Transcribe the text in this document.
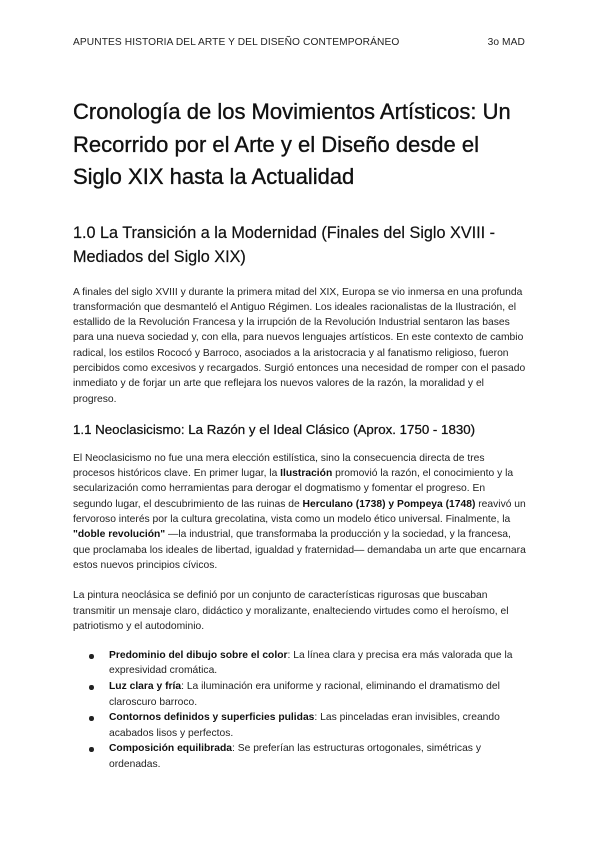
APUNTES HISTORIA DEL ARTE Y DEL DISEÑO CONTEMPORÁNEO	3o MAD
Cronología de los Movimientos Artísticos: Un Recorrido por el Arte y el Diseño desde el Siglo XIX hasta la Actualidad
1.0 La Transición a la Modernidad (Finales del Siglo XVIII - Mediados del Siglo XIX)

A finales del siglo XVIII y durante la primera mitad del XIX, Europa se vio inmersa en una profunda transformación que desmanteló el Antiguo Régimen. Los ideales racionalistas de la Ilustración, el estallido de la Revolución Francesa y la irrupción de la Revolución Industrial sentaron las bases para una nueva sociedad y, con ella, para nuevos lenguajes artísticos. En este contexto de cambio radical, los estilos Rococó y Barroco, asociados a la aristocracia y al fanatismo religioso, fueron percibidos como excesivos y recargados. Surgió entonces una necesidad de romper con el pasado inmediato y de forjar un arte que reflejara los nuevos valores de la razón, la moralidad y el progreso.

1.1 Neoclasicismo: La Razón y el Ideal Clásico (Aprox. 1750 - 1830)

El Neoclasicismo no fue una mera elección estilística, sino la consecuencia directa de tres procesos históricos clave. En primer lugar, la Ilustración promovió la razón, el conocimiento y la secularización como herramientas para derogar el dogmatismo y fomentar el progreso. En segundo lugar, el descubrimiento de las ruinas de Herculano (1738) y Pompeya (1748) reavivó un fervoroso interés por la cultura grecolatina, vista como un modelo ético universal. Finalmente, la "doble revolución" —la industrial, que transformaba la producción y la sociedad, y la francesa, que proclamaba los ideales de libertad, igualdad y fraternidad— demandaba un arte que encarnara estos nuevos principios cívicos.

La pintura neoclásica se definió por un conjunto de características rigurosas que buscaban transmitir un mensaje claro, didáctico y moralizante, enalteciendo virtudes como el heroísmo, el patriotismo y el autodominio.

Predominio del dibujo sobre el color: La línea clara y precisa era más valorada que la expresividad cromática.
Luz clara y fría: La iluminación era uniforme y racional, eliminando el dramatismo del claroscuro barroco.
Contornos definidos y superficies pulidas: Las pinceladas eran invisibles, creando acabados lisos y perfectos.
Composición equilibrada: Se preferían las estructuras ortogonales, simétricas y ordenadas.
